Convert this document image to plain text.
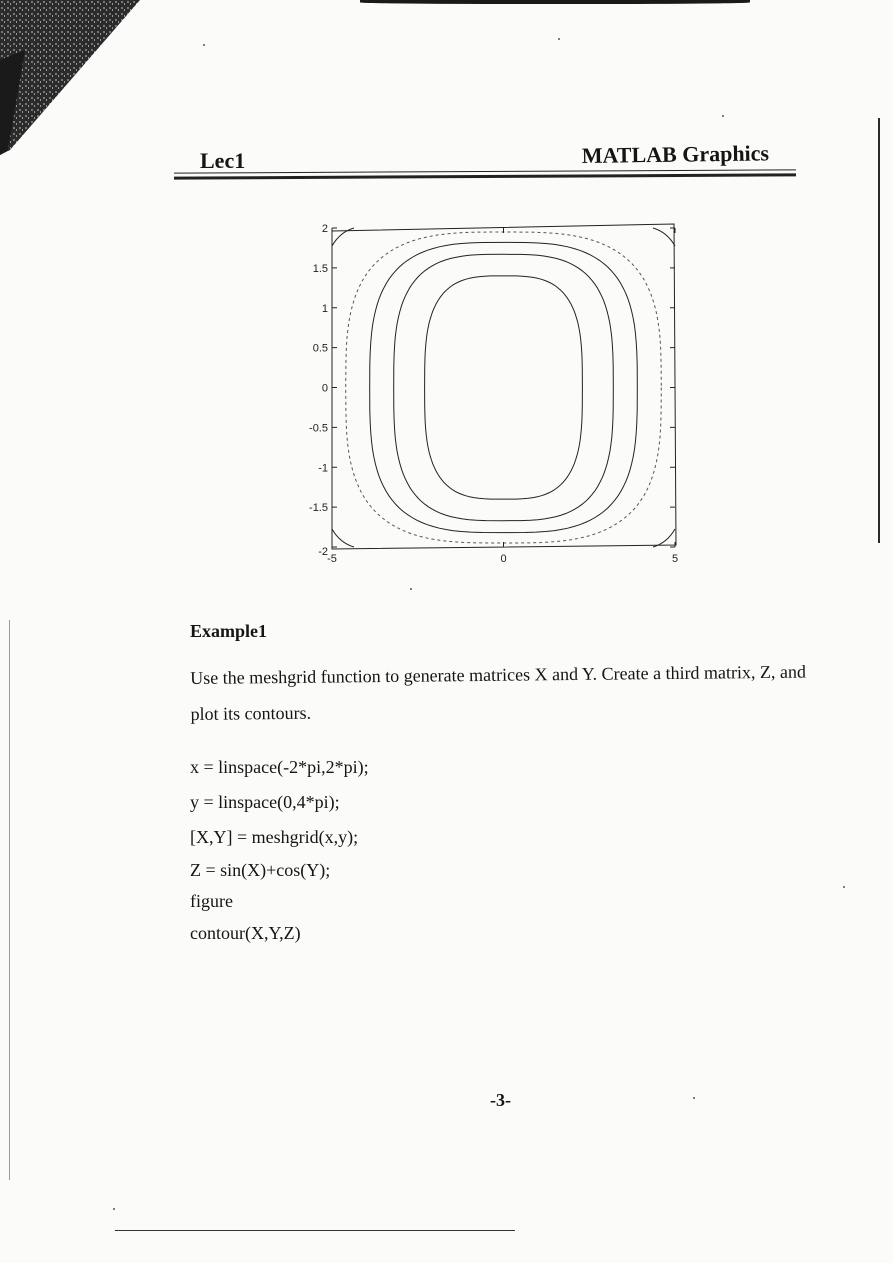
Lec1	MATLAB Graphics
2
1.5
1
0.5
0
-0.5
-1
-1.5
-2
-5	0	5
Example1
Use the meshgrid function to generate matrices X and Y. Create a third matrix, Z, and plot its contours.
x = linspace(-2*pi,2*pi);
y = linspace(0,4*pi);
[X,Y] = meshgrid(x,y);
Z = sin(X)+cos(Y);
figure
contour(X,Y,Z)
-3-
